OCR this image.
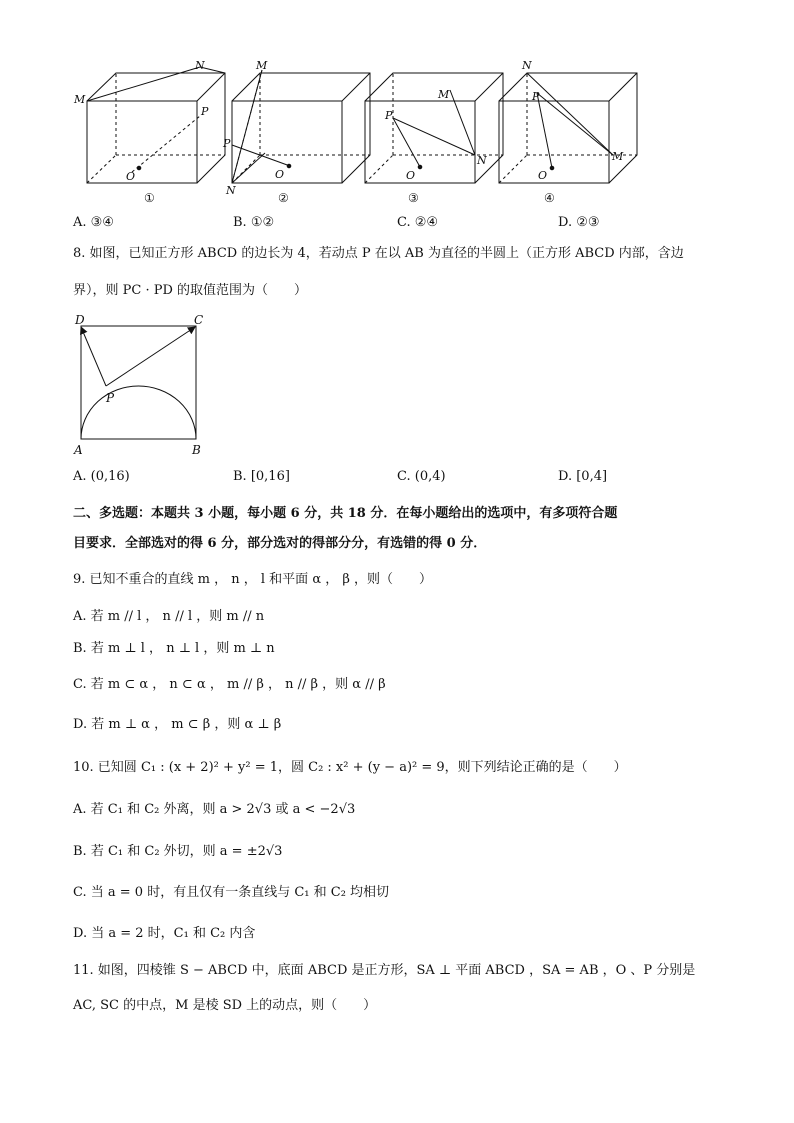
M
N
P
O
①
M
N
P
O
②
M
N
P
O
③
N
M
P
O
④
A. ③④	B. ①②	C. ②④	D. ②③
8. 如图，已知正方形 ABCD 的边长为 4，若动点 P 在以 AB 为直径的半圆上（正方形 ABCD 内部，含边
界），则 PC · PD 的取值范围为（　　）
D	C
P
A	B
A. (0,16)	B. [0,16]	C. (0,4)	D. [0,4]
二、多选题：本题共 3 小题，每小题 6 分，共 18 分．在每小题给出的选项中，有多项符合题
目要求．全部选对的得 6 分，部分选对的得部分分，有选错的得 0 分．
9. 已知不重合的直线 m ， n ， l 和平面 α ， β ，则（　　）
A. 若 m // l ， n // l ，则 m // n
B. 若 m ⊥ l ， n ⊥ l ，则 m ⊥ n
C. 若 m ⊂ α ， n ⊂ α ， m // β ， n // β ，则 α // β
D. 若 m ⊥ α ， m ⊂ β ，则 α ⊥ β
10. 已知圆 C₁ : (x + 2)² + y² = 1，圆 C₂ : x² + (y − a)² = 9，则下列结论正确的是（　　）
A. 若 C₁ 和 C₂ 外离，则 a > 2√3 或 a < −2√3
B. 若 C₁ 和 C₂ 外切，则 a = ±2√3
C. 当 a = 0 时，有且仅有一条直线与 C₁ 和 C₂ 均相切
D. 当 a = 2 时，C₁ 和 C₂ 内含
11. 如图，四棱锥 S − ABCD 中，底面 ABCD 是正方形，SA ⊥ 平面 ABCD ，SA = AB ，O 、P 分别是
AC, SC 的中点，M 是棱 SD 上的动点，则（　　）
